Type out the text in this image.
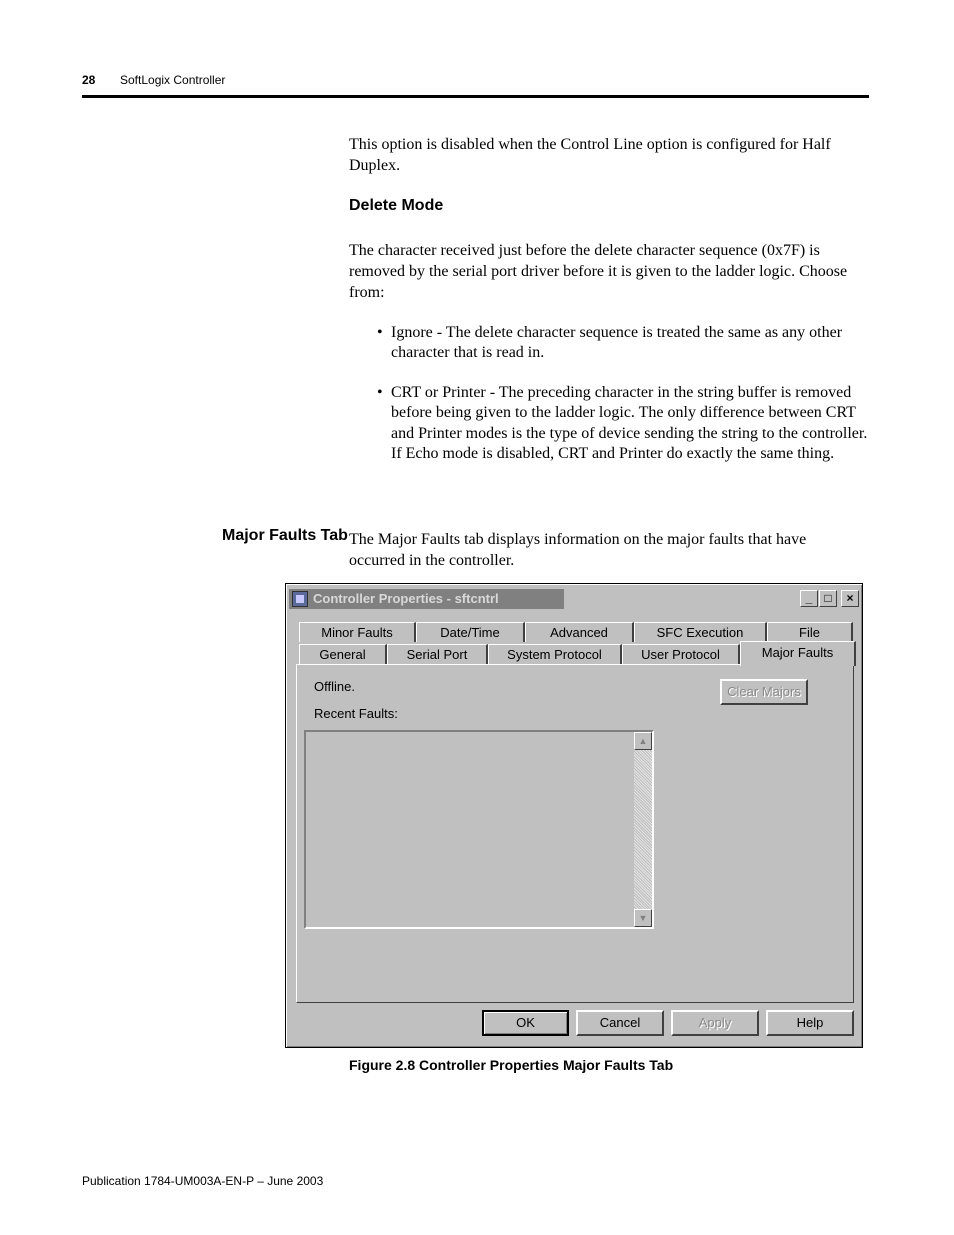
28 SoftLogix Controller
This option is disabled when the Control Line option is configured for Half Duplex.
Delete Mode
The character received just before the delete character sequence (0x7F) is removed by the serial port driver before it is given to the ladder logic. Choose from:
• Ignore - The delete character sequence is treated the same as any other character that is read in.
• CRT or Printer - The preceding character in the string buffer is removed before being given to the ladder logic. The only difference between CRT and Printer modes is the type of device sending the string to the controller. If Echo mode is disabled, CRT and Printer do exactly the same thing.
Major Faults Tab The Major Faults tab displays information on the major faults that have occurred in the controller.
Controller Properties - sftcntrl	_	□	×
Minor Faults	Date/Time	Advanced	SFC Execution	File
General	Serial Port	System Protocol	User Protocol	Major Faults
Offline.
Recent Faults:
Clear Majors
▲
▼
OK	Cancel	Apply	Help
Figure 2.8 Controller Properties Major Faults Tab
Publication 1784-UM003A-EN-P – June 2003
